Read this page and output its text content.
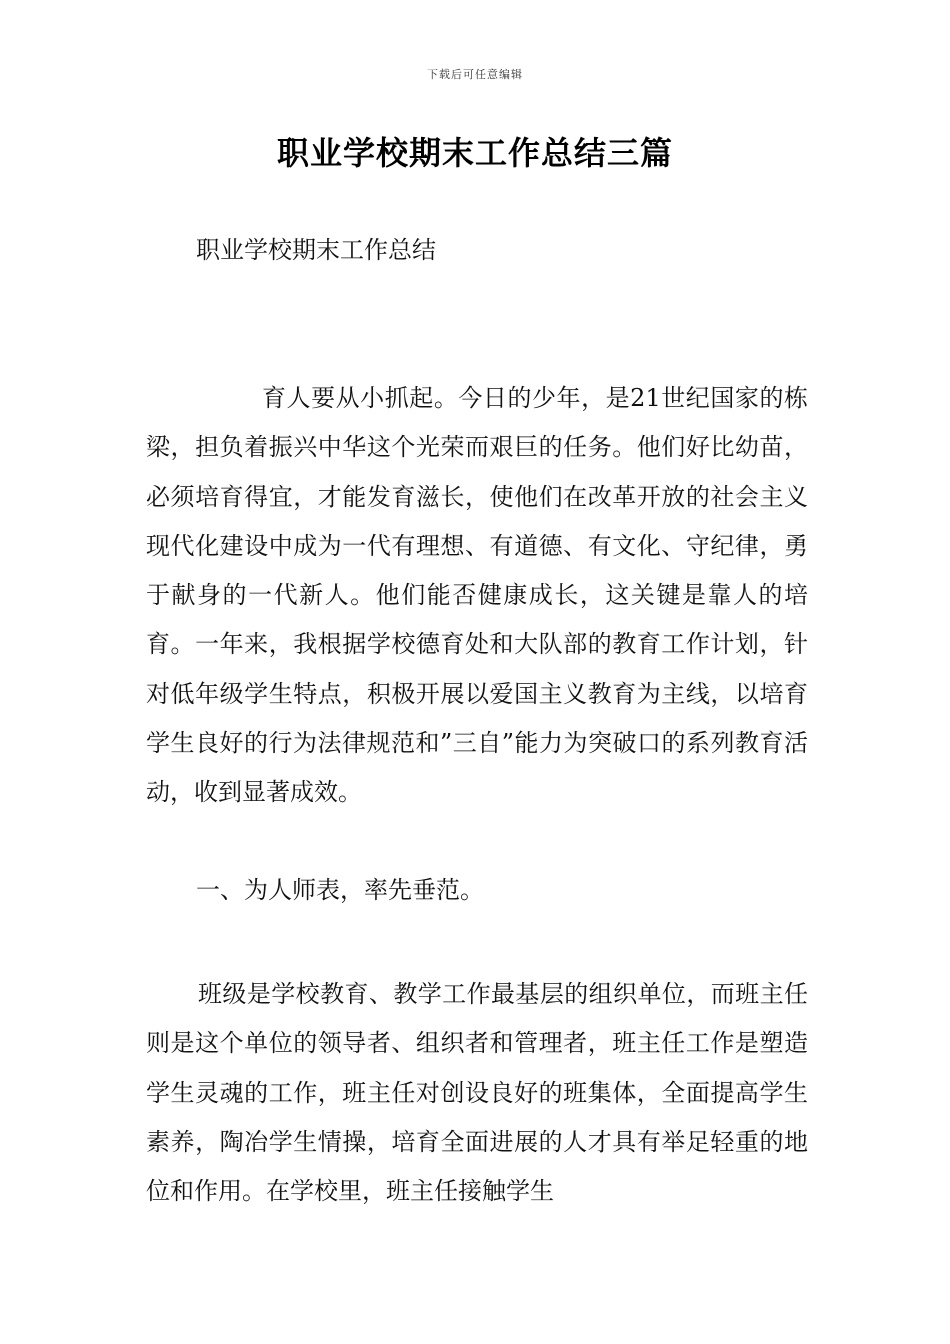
下载后可任意编辑
职业学校期末工作总结三篇
职业学校期末工作总结

育人要从小抓起。今日的少年，是21世纪国家的栋梁，担负着振兴中华这个光荣而艰巨的任务。他们好比幼苗，必须培育得宜，才能发育滋长，使他们在改革开放的社会主义现代化建设中成为一代有理想、有道德、有文化、守纪律，勇于献身的一代新人。他们能否健康成长，这关键是靠人的培育。一年来，我根据学校德育处和大队部的教育工作计划，针对低年级学生特点，积极开展以爱国主义教育为主线，以培育学生良好的行为法律规范和”三自”能力为突破口的系列教育活动，收到显著成效。

一、为人师表，率先垂范。

班级是学校教育、教学工作最基层的组织单位，而班主任则是这个单位的领导者、组织者和管理者，班主任工作是塑造学生灵魂的工作，班主任对创设良好的班集体，全面提高学生素养，陶冶学生情操，培育全面进展的人才具有举足轻重的地位和作用。在学校里，班主任接触学生
